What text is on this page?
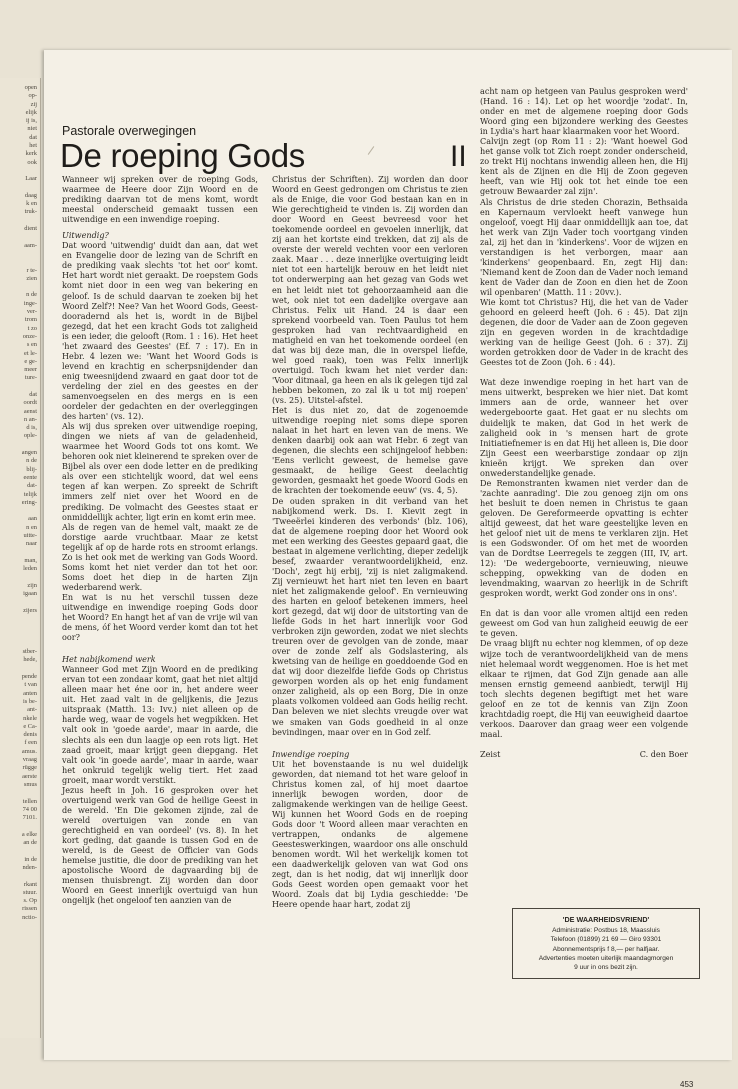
open
op-
zij
elijk
ij is,
niet
dat
het
kerk
ook

Laar

daag
k en
truk-

dient

aam-

r te-
zien

n de
inge-
ver-
trom
t zo
onze-
s en
et le-
e ge-
meer
ture-

dat
oordt
aenst
n an-
d is,
ople-

angen
n de
blij-
eente
dat-
telijk
ering-

aan
n en
uitte-
naar

man,
leden

zijn
igaan

zijers

stber-
hede,

pende
t van
anten
is be-
ant-
nkele
e Ca-
denis
f een
amus.
vraag
rügge
aerste
smus

tellen
74 00
7101.

a elke
an de

in de
nden-

rkant
stuur.
s. Op
rissen
nctio-
Pastorale overwegingen
De roeping Gods	II

Wanneer wij spreken over de roeping Gods, waarmee de Heere door Zijn Woord en de prediking daarvan tot de mens komt, wordt meestal onderscheid gemaakt tussen een uitwendige en een inwendige roeping.

Uitwendig?

Dat woord 'uitwendig' duidt dan aan, dat wet en Evangelie door de lezing van de Schrift en de prediking vaak slechts 'tot het oor' komt. Het hart wordt niet geraakt. De roepstem Gods komt niet door in een weg van bekering en geloof. Is de schuld daarvan te zoeken bij het Woord Zelf?! Nee? Van het Woord Gods, Geest-dooradernd als het is, wordt in de Bijbel gezegd, dat het een kracht Gods tot zaligheid is een ieder, die gelooft (Rom. 1 : 16). Het heet 'het zwaard des Geestes' (Ef. 7 : 17). En in Hebr. 4 lezen we: 'Want het Woord Gods is levend en krachtig en scherpsnijdender dan enig tweesnijdend zwaard en gaat door tot de verdeling der ziel en des geestes en der samenvoegselen en des mergs en is een oordeler der gedachten en der overleggingen des harten' (vs. 12).

Als wij dus spreken over uitwendige roeping, dingen we niets af van de geladenheid, waarmee het Woord Gods tot ons komt. We behoren ook niet kleinerend te spreken over de Bijbel als over een dode letter en de prediking als over een stichtelijk woord, dat wel eens tegen af kan werpen. Zo spreekt de Schrift immers zelf niet over het Woord en de prediking. De volmacht des Geestes staat er onmiddellijk achter, ligt erin en komt erin mee.

Als de regen van de hemel valt, maakt ze de dorstige aarde vruchtbaar. Maar ze ketst tegelijk af op de harde rots en stroomt erlangs. Zo is het ook met de werking van Gods Woord. Soms komt het niet verder dan tot het oor. Soms doet het diep in de harten Zijn wederbarend werk.

En wat is nu het verschil tussen deze uitwendige en inwendige roeping Gods door het Woord? En hangt het af van de vrije wil van de mens, óf het Woord verder komt dan tot het oor?

Het nabijkomend werk

Wanneer God met Zijn Woord en de prediking ervan tot een zondaar komt, gaat het niet altijd alleen maar het éne oor in, het andere weer uit. Het zaad valt in de gelijkenis, die Jezus uitspraak (Matth. 13: Ivv.) niet alleen op de harde weg, waar de vogels het wegpikken. Het valt ook in 'goede aarde', maar in aarde, die slechts als een dun laagje op een rots ligt. Het zaad groeit, maar krijgt geen diepgang. Het valt ook 'in goede aarde', maar in aarde, waar het onkruid tegelijk welig tiert. Het zaad groeit, maar wordt verstikt.

Jezus heeft in Joh. 16 gesproken over het overtuigend werk van God de heilige Geest in de wereld. 'En Die gekomen zijnde, zal de wereld overtuigen van zonde en van gerechtigheid en van oordeel' (vs. 8). In het kort geding, dat gaande is tussen God en de wereld, is de Geest de Officier van Gods hemelse justitie, die door de prediking van het apostolische Woord de dagvaarding bij de mensen thuisbrengt. Zij worden dan door Woord en Geest innerlijk overtuigd van hun ongelijk (het ongeloof ten aanzien van de

Christus der Schriften). Zij worden dan door Woord en Geest gedrongen om Christus te zien als de Enige, die voor God bestaan kan en in Wie gerechtigheid te vinden is. Zij worden dan door Woord en Geest bevreesd voor het toekomende oordeel en gevoelen innerlijk, dat zij aan het kortste eind trekken, dat zij als de overste der wereld vechten voor een verloren zaak. Maar . . . deze innerlijke overtuiging leidt niet tot een hartelijk berouw en het leidt niet tot onderwerping aan het gezag van Gods wet en het leidt niet tot gehoorzaamheid aan die wet, ook niet tot een dadelijke overgave aan Christus. Felix uit Hand. 24 is daar een sprekend voorbeeld van. Toen Paulus tot hem gesproken had van rechtvaardigheid en matigheid en van het toekomende oordeel (en dat was bij deze man, die in overspel liefde, wel goed raak), toen was Felix innerlijk overtuigd. Toch kwam het niet verder dan: 'Voor ditmaal, ga heen en als ik gelegen tijd zal hebben bekomen, zo zal ik u tot mij roepen' (vs. 25). Uitstel-afstel.

Het is dus niet zo, dat de zogenoemde uitwendige roeping niet soms diepe sporen nalaat in het hart en leven van de mens. We denken daarbij ook aan wat Hebr. 6 zegt van degenen, die slechts een schijngeloof hebben: 'Eens verlicht geweest, de hemelse gave gesmaakt, de heilige Geest deelachtig geworden, gesmaakt het goede Woord Gods en de krachten der toekomende eeuw' (vs. 4, 5).

De ouden spraken in dit verband van het nabijkomend werk. Ds. I. Kievit zegt in 'Tweeërlei kinderen des verbonds' (blz. 106), dat de algemene roeping door het Woord ook met een werking des Geestes gepaard gaat, die bestaat in algemene verlichting, dieper zedelijk besef, zwaarder verantwoordelijkheid, enz. 'Doch', zegt hij erbij, 'zij is niet zaligmakend. Zij vernieuwt het hart niet ten leven en baart niet het zaligmakende geloof'. En vernieuwing des harten en geloof betekenen immers, heel kort gezegd, dat wij door de uitstorting van de liefde Gods in het hart innerlijk voor God verbroken zijn geworden, zodat we niet slechts treuren over de gevolgen van de zonde, maar over de zonde zelf als Godslastering, als kwetsing van de heilige en goeddoende God en dat wij door diezelfde liefde Gods op Christus geworpen worden als op het enig fundament onzer zaligheid, als op een Borg, Die in onze plaats volkomen voldeed aan Gods heilig recht. Dan beleven we niet slechts vreugde over wat we smaken van Gods goedheid in al onze bevindingen, maar over en in God zelf.

Inwendige roeping

Uit het bovenstaande is nu wel duidelijk geworden, dat niemand tot het ware geloof in Christus komen zal, of hij moet daartoe innerlijk bewogen worden, door de zaligmakende werkingen van de heilige Geest. Wij kunnen het Woord Gods en de roeping Gods door 't Woord alleen maar verachten en vertrappen, ondanks de algemene Geesteswerkingen, waardoor ons alle onschuld benomen wordt. Wil het werkelijk komen tot een daadwerkelijk geloven van wat God ons zegt, dan is het nodig, dat wij innerlijk door Gods Geest worden open gemaakt voor het Woord. Zoals dat bij Lydia geschiedde: 'De Heere opende haar hart, zodat zij

acht nam op hetgeen van Paulus gesproken werd' (Hand. 16 : 14). Let op het woordje 'zodat'. In, onder en met de algemene roeping door Gods Woord ging een bijzondere werking des Geestes in Lydia's hart haar klaarmaken voor het Woord.

Calvijn zegt (op Rom 11 : 2): 'Want hoewel God het ganse volk tot Zich roept zonder onderscheid, zo trekt Hij nochtans inwendig alleen hen, die Hij kent als de Zijnen en die Hij de Zoon gegeven heeft, van wie Hij ook tot het einde toe een getrouw Bewaarder zal zijn'.

Als Christus de drie steden Chorazin, Bethsaida en Kapernaum vervloekt heeft vanwege hun ongeloof, voegt Hij daar onmiddellijk aan toe, dat het werk van Zijn Vader toch voortgang vinden zal, zij het dan in 'kinderkens'. Voor de wijzen en verstandigen is het verborgen, maar aan 'kinderkens' geopenbaard. En, zegt Hij dan: 'Niemand kent de Zoon dan de Vader noch iemand kent de Vader dan de Zoon en dien het de Zoon wil openbaren' (Matth. 11 : 20vv.).

Wie komt tot Christus? Hij, die het van de Vader gehoord en geleerd heeft (Joh. 6 : 45). Dat zijn degenen, die door de Vader aan de Zoon gegeven zijn en gegeven worden in de krachtdadige werking van de heilige Geest (Joh. 6 : 37). Zij worden getrokken door de Vader in de kracht des Geestes tot de Zoon (Joh. 6 : 44).

Wat deze inwendige roeping in het hart van de mens uitwerkt, bespreken we hier niet. Dat komt immers aan de orde, wanneer het over wedergeboorte gaat. Het gaat er nu slechts om duidelijk te maken, dat God in het werk de zaligheid ook in 's mensen hart de grote Initiatiefnemer is en dat Hij het alleen is, Die door Zijn Geest een weerbarstige zondaar op zijn knieën krijgt. We spreken dan over onwederstandelijke genade.

De Remonstranten kwamen niet verder dan de 'zachte aanrading'. Die zou genoeg zijn om ons het besluit te doen nemen in Christus te gaan geloven. De Gereformeerde opvatting is echter altijd geweest, dat het ware geestelijke leven en het geloof niet uit de mens te verklaren zijn. Het is een Godswonder. Of om het met de woorden van de Dordtse Leerregels te zeggen (III, IV, art. 12): 'De wedergeboorte, vernieuwing, nieuwe schepping, opwekking van de doden en levendmaking, waarvan zo heerlijk in de Schrift gesproken wordt, werkt God zonder ons in ons'.

En dat is dan voor alle vromen altijd een reden geweest om God van hun zaligheid eeuwig de eer te geven.

De vraag blijft nu echter nog klemmen, of op deze wijze toch de verantwoordelijkheid van de mens niet helemaal wordt weggenomen. Hoe is het met elkaar te rijmen, dat God Zijn genade aan alle mensen ernstig gemeend aanbiedt, terwijl Hij toch slechts degenen begiftigt met het ware geloof en ze tot de kennis van Zijn Zoon krachtdadig roept, die Hij van eeuwigheid daartoe verkoos. Daarover dan graag weer een volgende maal.

Zeist	C. den Boer
'DE WAARHEIDSVRIEND'
Administratie: Postbus 18, Maassluis
Telefoon (01899) 21 69 — Giro 93301
Abonnementsprijs f 8,— per halfjaar.
Advertenties moeten uiterlijk maandagmorgen
9 uur in ons bezit zijn.
453
